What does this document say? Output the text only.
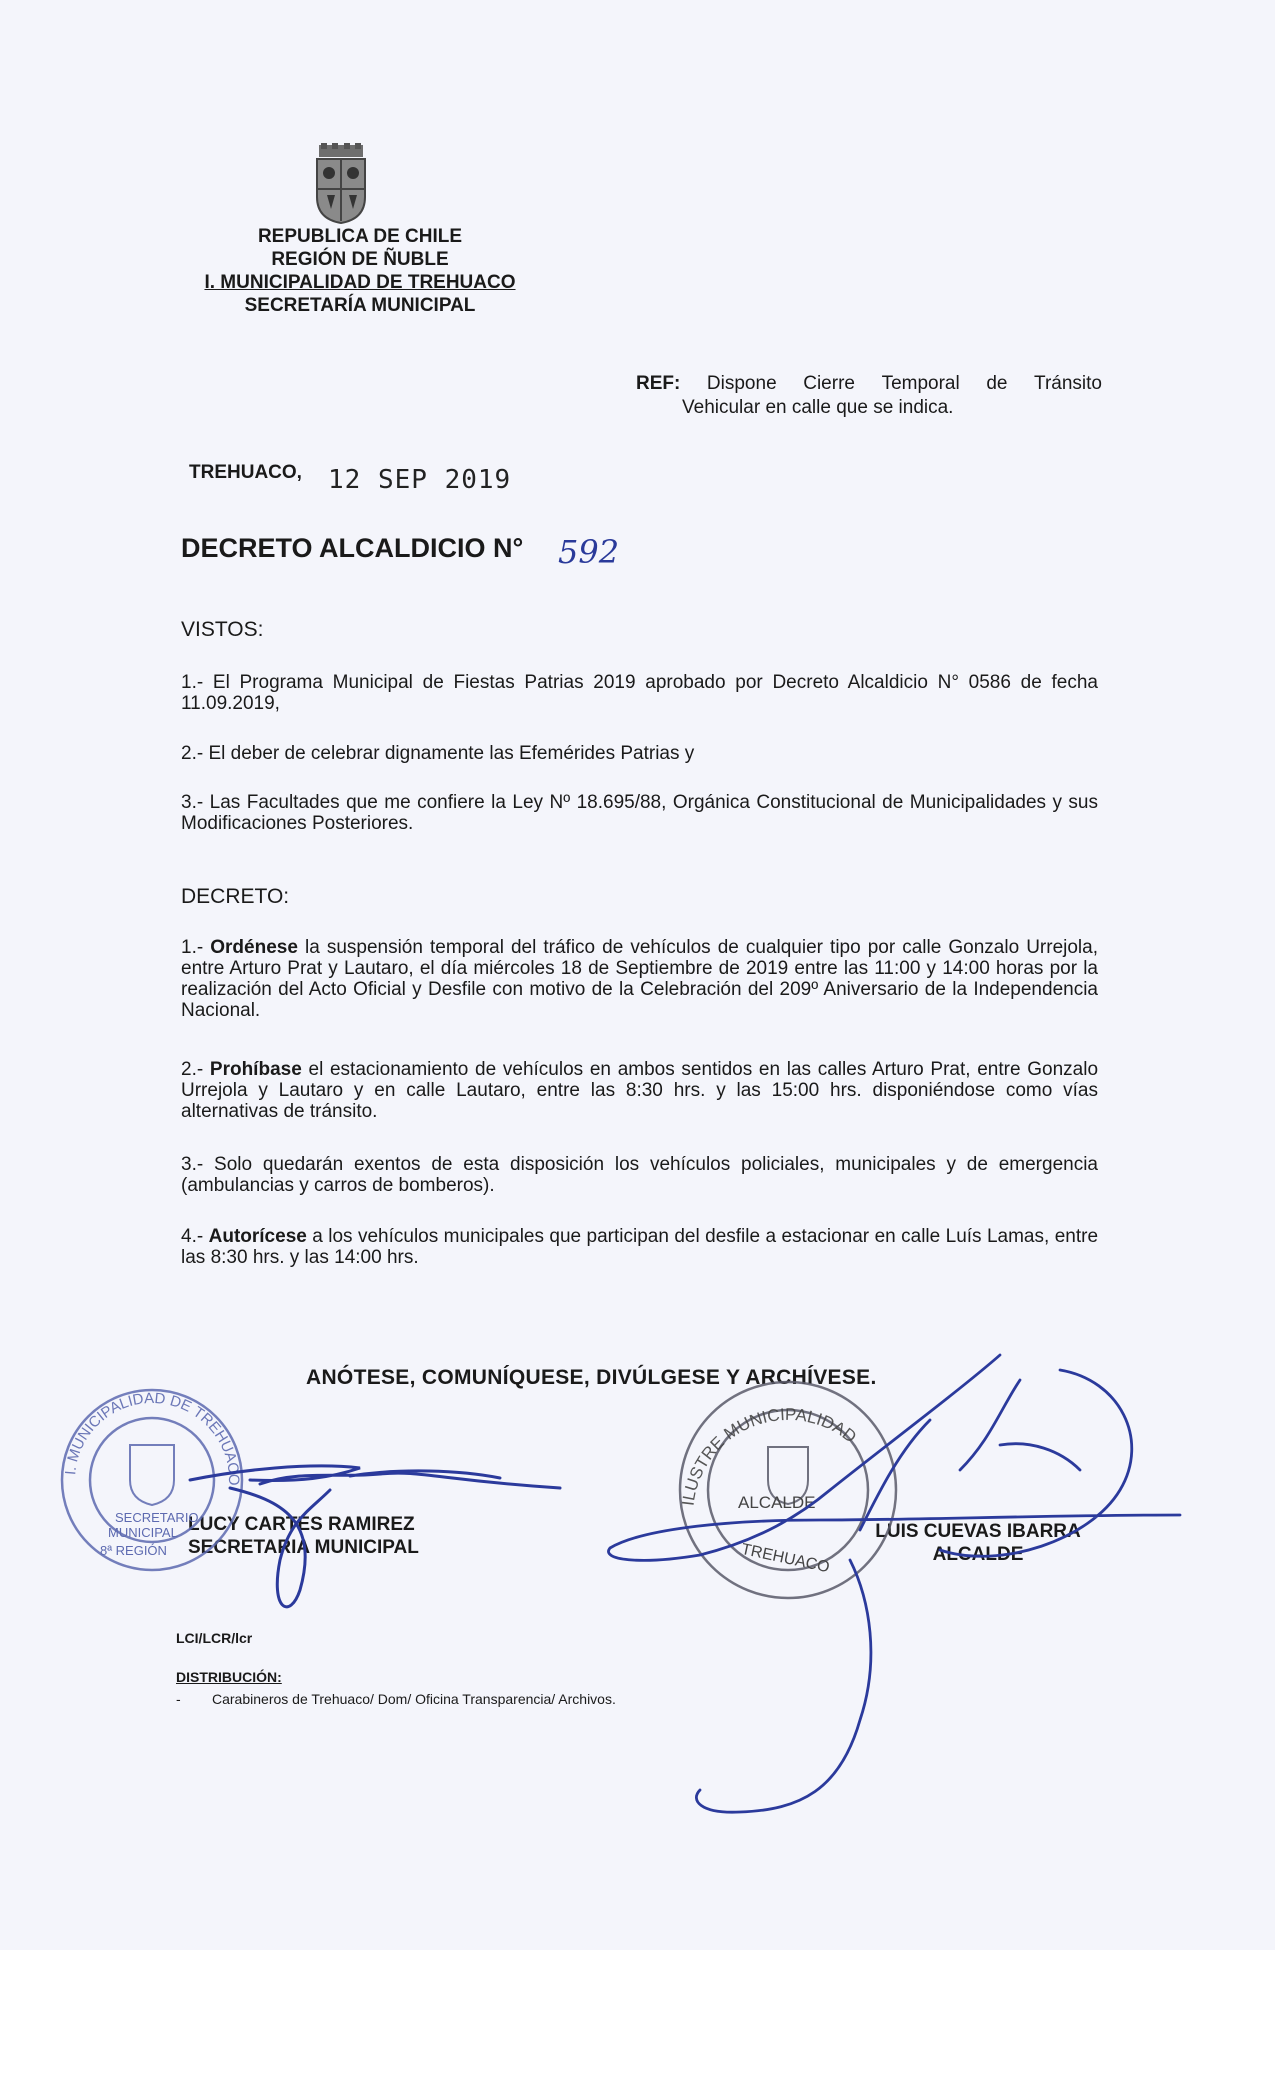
REPUBLICA DE CHILE
REGIÓN DE ÑUBLE
I. MUNICIPALIDAD DE TREHUACO
SECRETARÍA MUNICIPAL
REF: Dispone Cierre Temporal de Tránsito
Vehicular en calle que se indica.
TREHUACO, 12 SEP 2019
DECRETO ALCALDICIO N° 592
VISTOS:
1.- El Programa Municipal de Fiestas Patrias 2019 aprobado por Decreto Alcaldicio N° 0586 de fecha 11.09.2019,
2.- El deber de celebrar dignamente las Efemérides Patrias y
3.- Las Facultades que me confiere la Ley Nº 18.695/88, Orgánica Constitucional de Municipalidades y sus Modificaciones Posteriores.
DECRETO:
1.- Ordénese la suspensión temporal del tráfico de vehículos de cualquier tipo por calle Gonzalo Urrejola, entre Arturo Prat y Lautaro, el día miércoles 18 de Septiembre de 2019 entre las 11:00 y 14:00 horas por la realización del Acto Oficial y Desfile con motivo de la Celebración del 209º Aniversario de la Independencia Nacional.
2.- Prohíbase el estacionamiento de vehículos en ambos sentidos en las calles Arturo Prat, entre Gonzalo Urrejola y Lautaro y en calle Lautaro, entre las 8:30 hrs. y las 15:00 hrs. disponiéndose como vías alternativas de tránsito.
3.- Solo quedarán exentos de esta disposición los vehículos policiales, municipales y de emergencia (ambulancias y carros de bomberos).
4.- Autorícese a los vehículos municipales que participan del desfile a estacionar en calle Luís Lamas, entre las 8:30 hrs. y las 14:00 hrs.
ANÓTESE, COMUNÍQUESE, DIVÚLGESE Y ARCHÍVESE.
LUCY CARTES RAMIREZ
SECRETARIA MUNICIPAL
LUIS CUEVAS IBARRA
ALCALDE
LCI/LCR/lcr
DISTRIBUCIÓN:
- Carabineros de Trehuaco/ Dom/ Oficina Transparencia/ Archivos.
I. MUNICIPALIDAD DE TREHUACO
SECRETARIO
MUNICIPAL
8ª REGIÓN
ILUSTRE MUNICIPALIDAD
ALCALDE
TREHUACO
